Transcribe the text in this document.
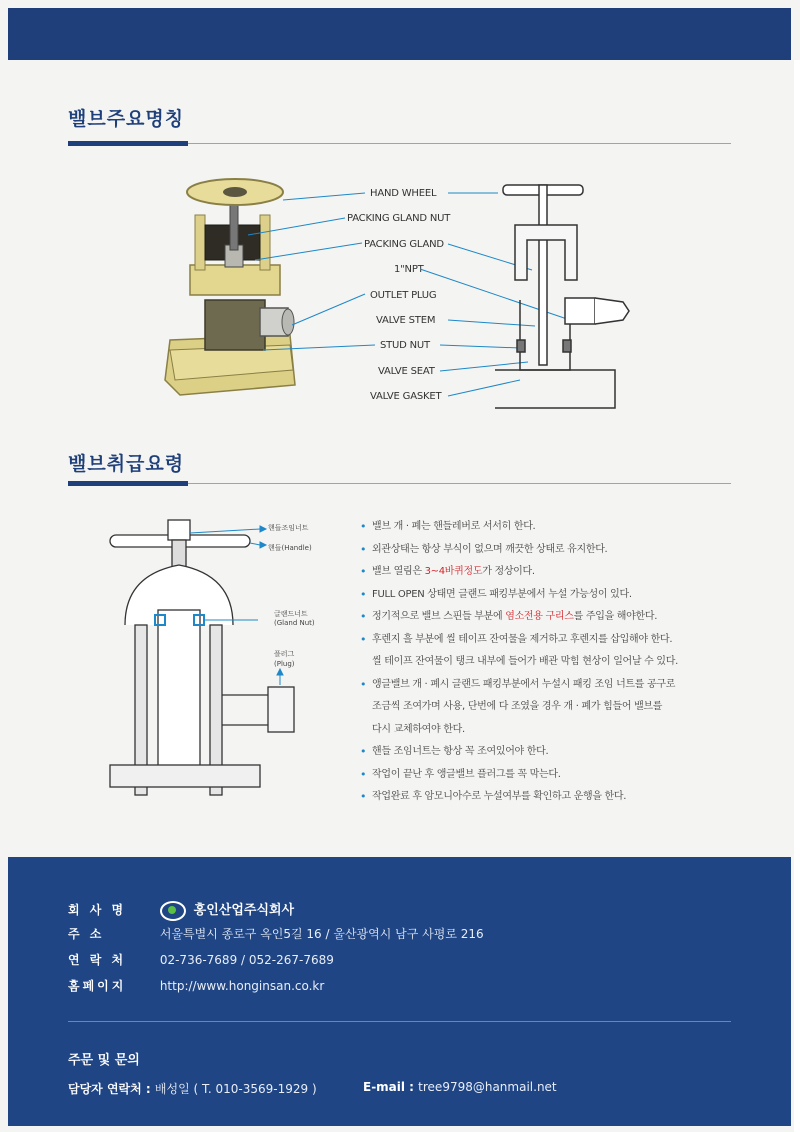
밸브주요명칭
HAND WHEEL
PACKING GLAND NUT
PACKING GLAND
1"NPT
OUTLET PLUG
VALVE STEM
STUD NUT
VALVE SEAT
VALVE GASKET
밸브취급요령
핸들조임너트
핸들(Handle)
글랜드너트
(Gland Nut)
플러그
(Plug)
• 밸브 개 · 폐는 핸들레버로 서서히 한다.
• 외관상태는 항상 부식이 없으며 깨끗한 상태로 유지한다.
• 밸브 열림은 3~4바퀴정도가 정상이다.
• FULL OPEN 상태면 글랜드 패킹부분에서 누설 가능성이 있다.
• 정기적으로 밸브 스핀들 부분에 염소전용 구리스를 주입을 해야한다.
• 후렌지 흘 부분에 씰 테이프 잔여물을 제거하고 후렌지를 삽입해야 한다.
씰 테이프 잔여물이 탱크 내부에 들어가 배관 막힘 현상이 일어날 수 있다.
• 앵글밸브 개 · 폐시 글랜드 패킹부분에서 누설시 패킹 조임 너트를 공구로
조금씩 조여가며 사용, 단번에 다 조였을 경우 개 · 폐가 힘들어 밸브를
다시 교체하여야 한다.
• 핸들 조임너트는 항상 꼭 조여있어야 한다.
• 작업이 끝난 후 앵글밸브 플러그를 꼭 막는다.
• 작업완료 후 암모니아수로 누설여부를 확인하고 운행을 한다.
회 사 명	홍인산업주식회사
주 소	서울특별시 종로구 옥인5길 16 / 울산광역시 남구 사평로 216
연 락 처	02-736-7689 / 052-267-7689
홈페이지	http://www.honginsan.co.kr
주문 및 문의
담당자 연락처 : 배성일 ( T. 010-3569-1929 )	E-mail : tree9798@hanmail.net
